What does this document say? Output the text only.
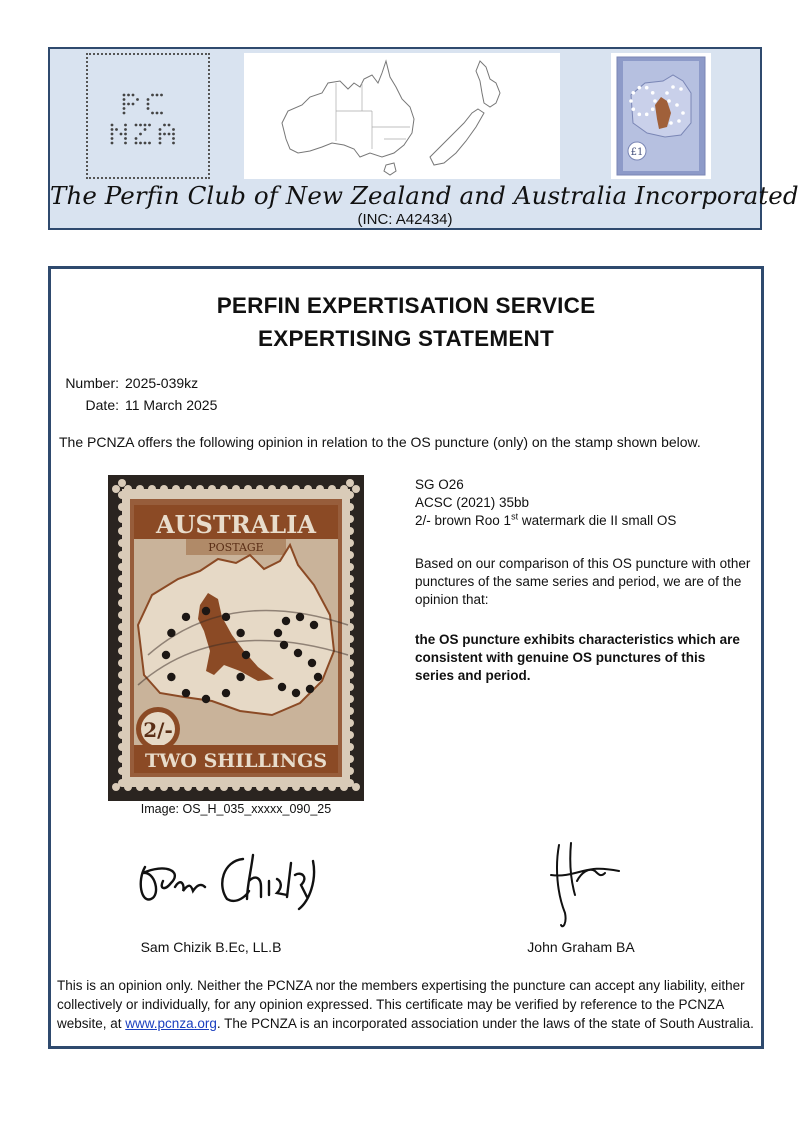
£1
The Perfin Club of New Zealand and Australia Incorporated
(INC: A42434)
PERFIN EXPERTISATION SERVICE
EXPERTISING STATEMENT
Number: 2025-039kz
Date: 11 March 2025
The PCNZA offers the following opinion in relation to the OS puncture (only) on the stamp shown below.
AUSTRALIA
POSTAGE
2/-
TWO SHILLINGS
Image: OS_H_035_xxxxx_090_25
SG O26
ACSC (2021) 35bb
2/- brown Roo 1st watermark die II small OS
Based on our comparison of this OS puncture with other punctures of the same series and period, we are of the opinion that:
the OS puncture exhibits characteristics which are consistent with genuine OS punctures of this series and period.
Sam Chizik B.Ec, LL.B	John Graham BA
This is an opinion only. Neither the PCNZA nor the members expertising the puncture can accept any liability, either collectively or individually, for any opinion expressed. This certificate may be verified by reference to the PCNZA website, at www.pcnza.org. The PCNZA is an incorporated association under the laws of the state of South Australia.
